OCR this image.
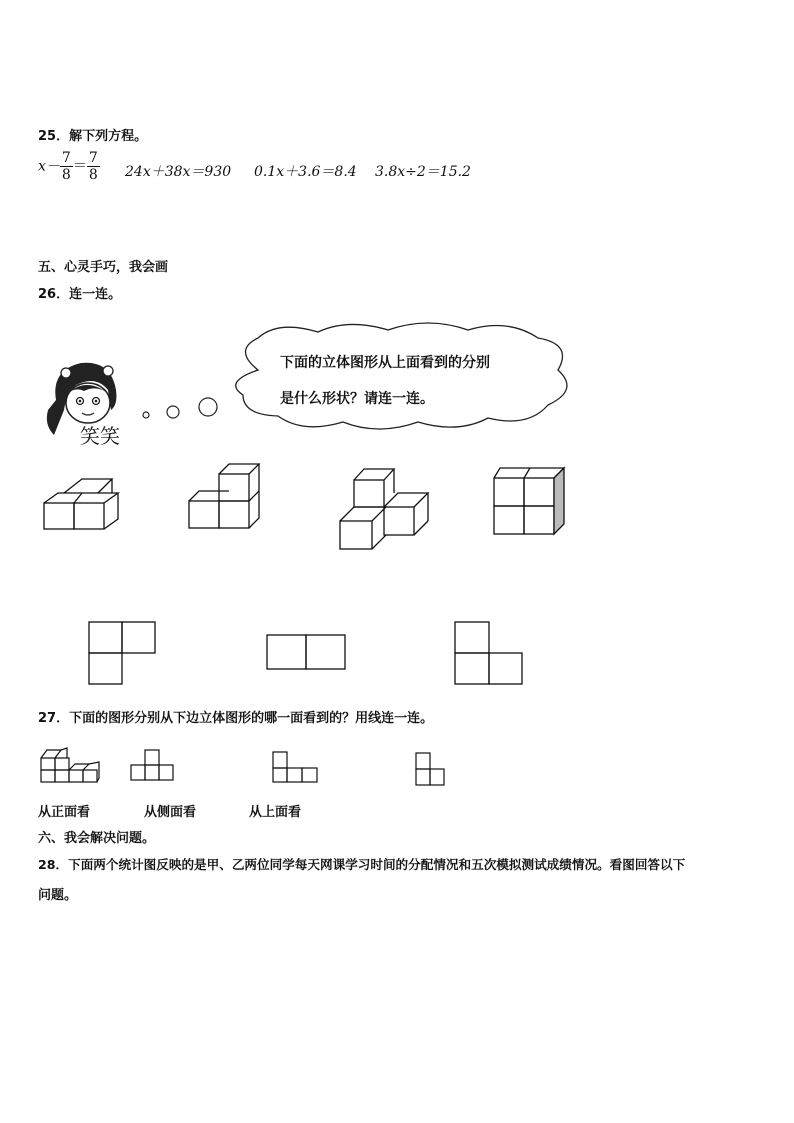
25．解下列方程。
$x- \frac{7}{8} = \frac{7}{8} 24x+38x=930$ 0.1x＋3.6＝8.4 3.8x÷2＝15.2
五、心灵手巧，我会画
26．连一连。
笑笑
下面的立体图形从上面看到的分别
是什么形状？请连一连。
27．下面的图形分别从下边立体图形的哪一面看到的？用线连一连。
从正面看	从侧面看	从上面看
六、我会解决问题。
28．下面两个统计图反映的是甲、乙两位同学每天网课学习时间的分配情况和五次模拟测试成绩情况。看图回答以下
问题。
